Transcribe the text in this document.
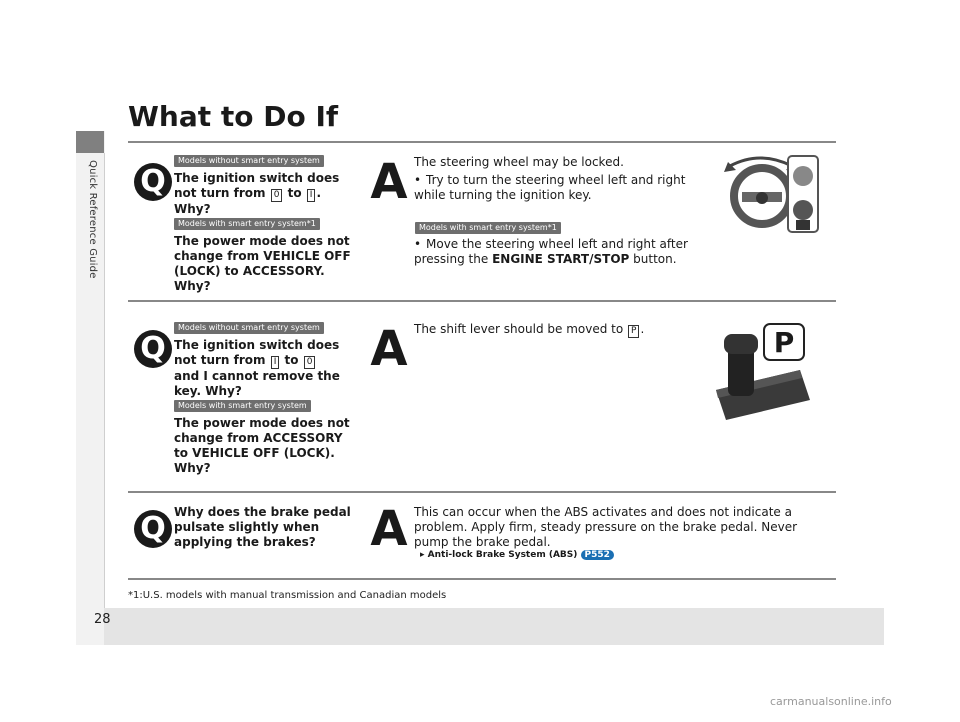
Quick Reference Guide
28
What to Do If
Q
Models without smart entry system
The ignition switch does not turn from 0 to I . Why?
Models with smart entry system*1
The power mode does not change from VEHICLE OFF (LOCK) to ACCESSORY. Why?
A The steering wheel may be locked.
• Try to turn the steering wheel left and right while turning the ignition key.
Models with smart entry system*1
• Move the steering wheel left and right after pressing the ENGINE START/STOP button.
Q
Models without smart entry system
The ignition switch does not turn from I to 0 and I cannot remove the key. Why?
Models with smart entry system
The power mode does not change from ACCESSORY to VEHICLE OFF (LOCK). Why?
A The shift lever should be moved to P .	P
Q Why does the brake pedal pulsate slightly when applying the brakes?	A This can occur when the ABS activates and does not indicate a problem. Apply firm, steady pressure on the brake pedal. Never pump the brake pedal.
▸ Anti-lock Brake System (ABS) P552
*1:U.S. models with manual transmission and Canadian models
carmanualsonline.info
